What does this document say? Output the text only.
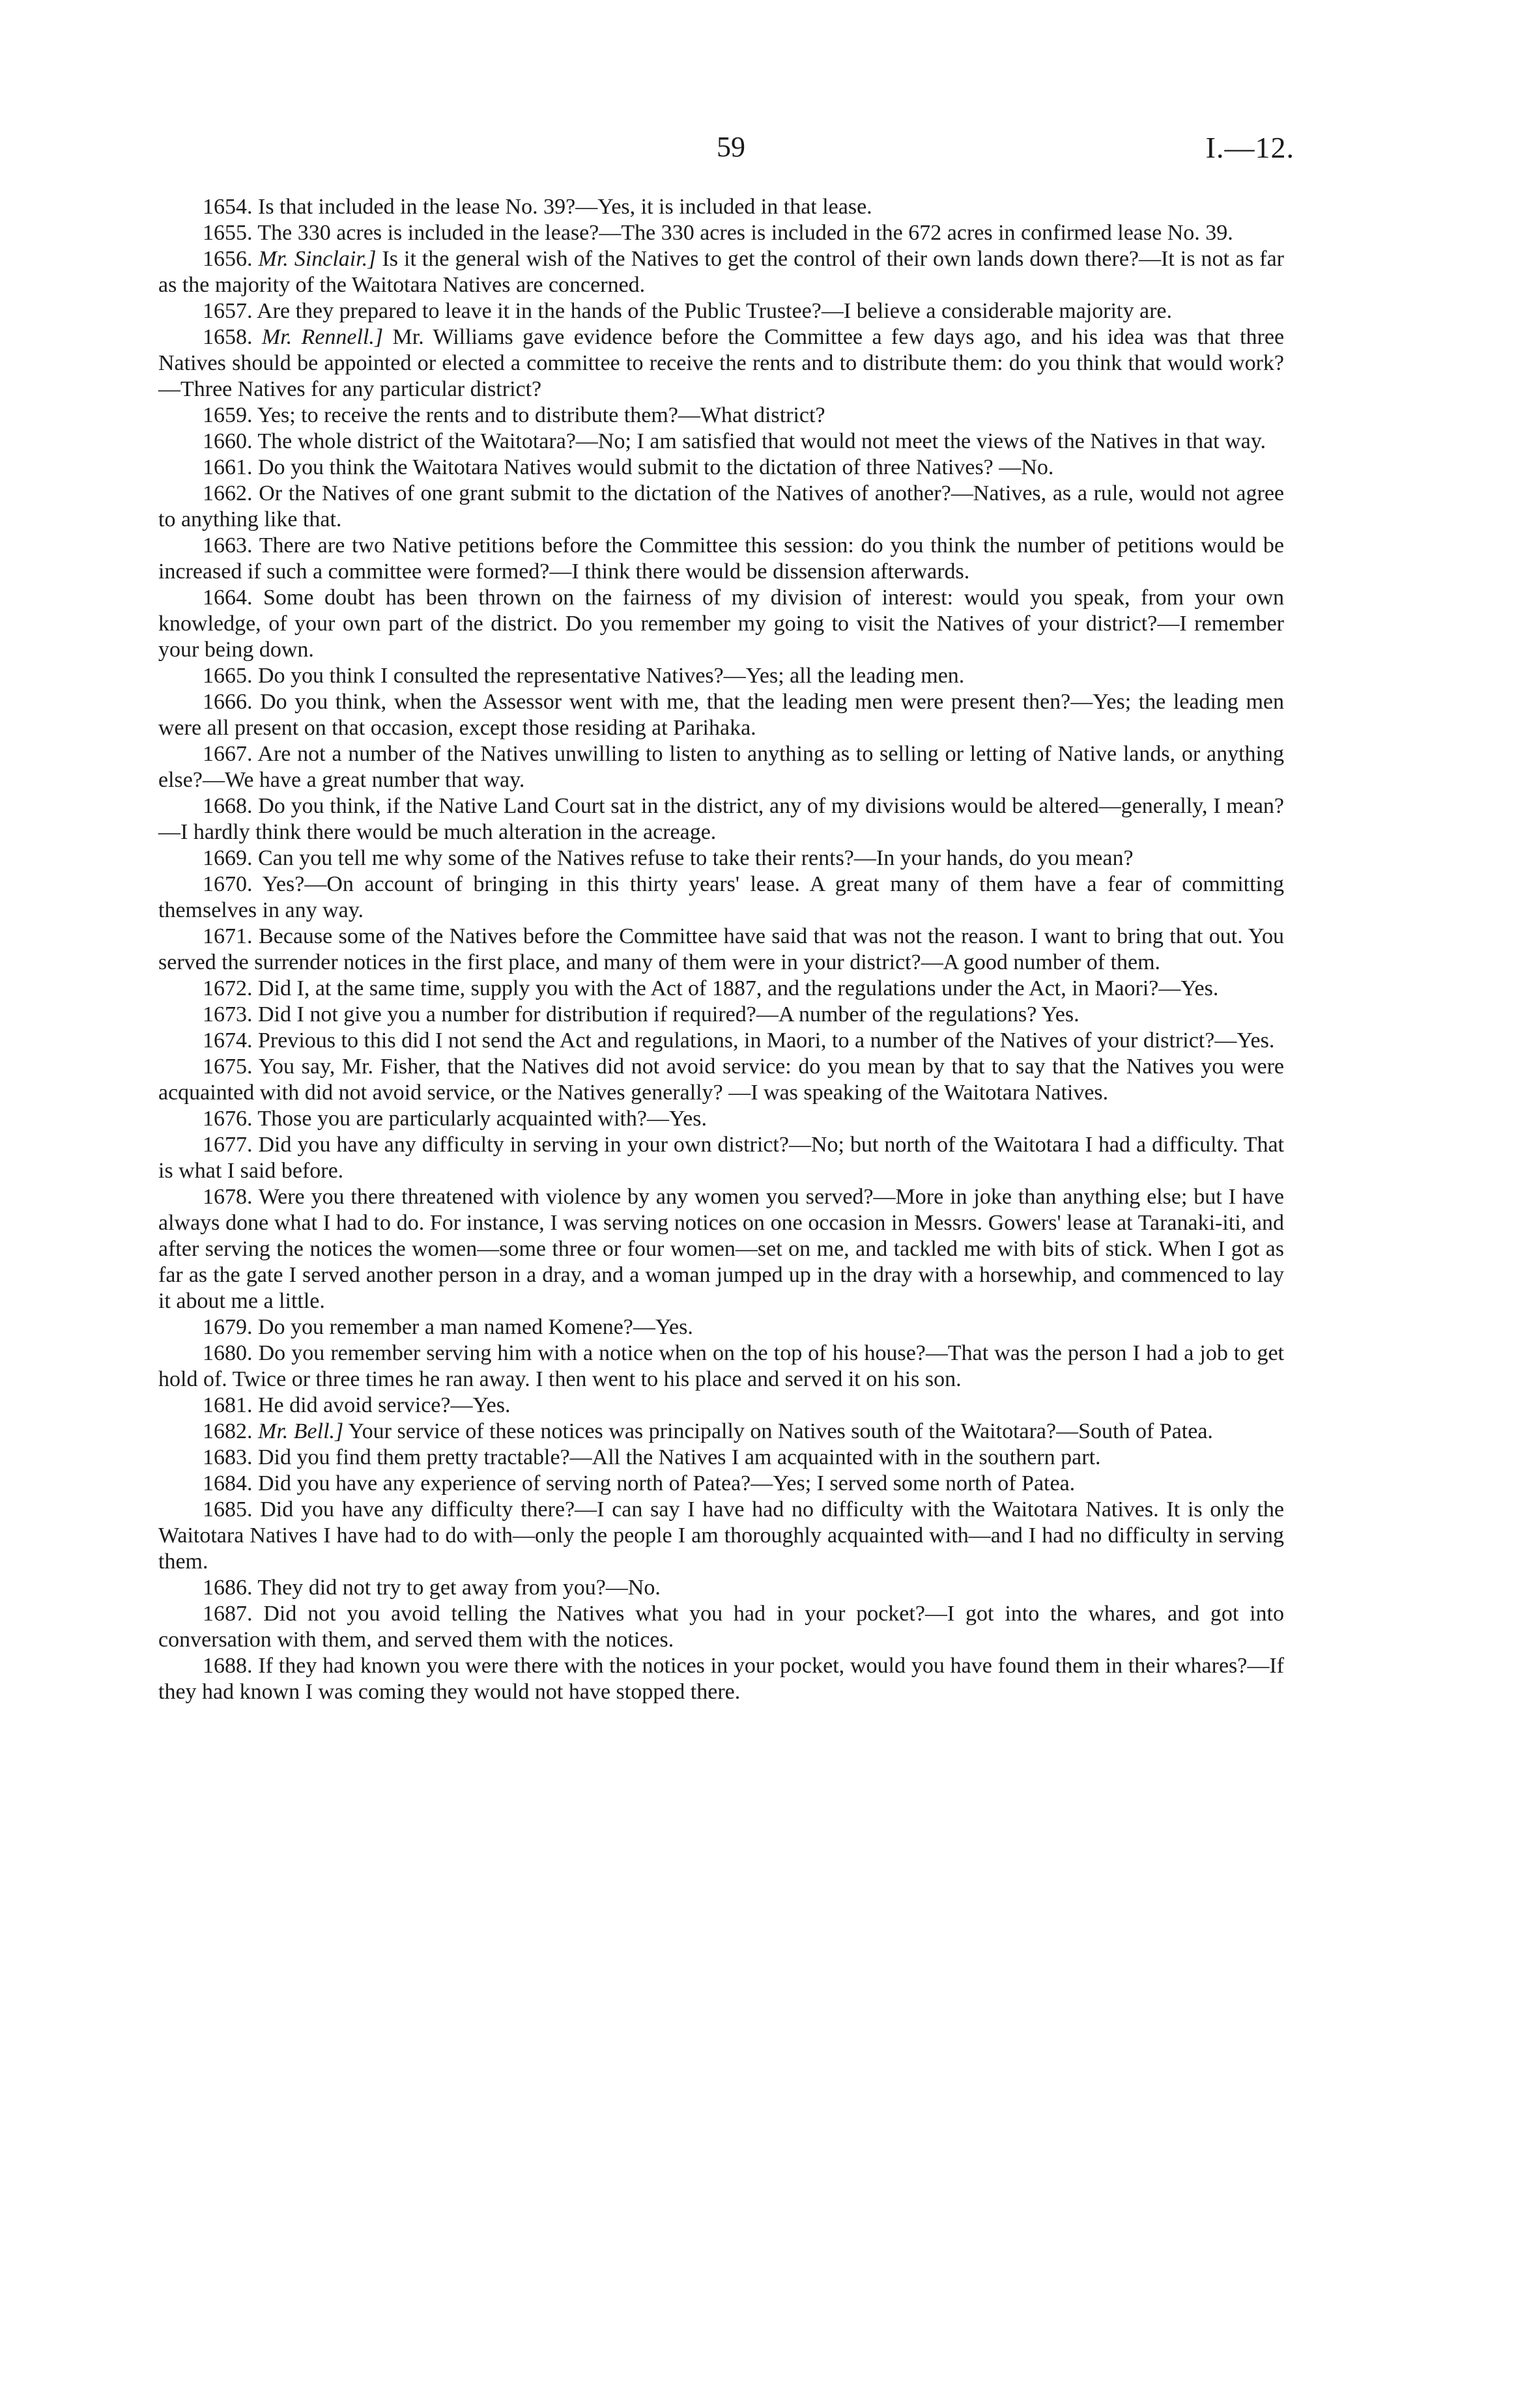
59	I.—12.

1654. Is that included in the lease No. 39?—Yes, it is included in that lease.

1655. The 330 acres is included in the lease?—The 330 acres is included in the 672 acres in confirmed lease No. 39.

1656. Mr. Sinclair.] Is it the general wish of the Natives to get the control of their own lands down there?—It is not as far as the majority of the Waitotara Natives are concerned.

1657. Are they prepared to leave it in the hands of the Public Trustee?—I believe a considerable majority are.

1658. Mr. Rennell.] Mr. Williams gave evidence before the Committee a few days ago, and his idea was that three Natives should be appointed or elected a committee to receive the rents and to distribute them: do you think that would work?—Three Natives for any particular district?

1659. Yes; to receive the rents and to distribute them?—What district?

1660. The whole district of the Waitotara?—No; I am satisfied that would not meet the views of the Natives in that way.

1661. Do you think the Waitotara Natives would submit to the dictation of three Natives? —No.

1662. Or the Natives of one grant submit to the dictation of the Natives of another?—Natives, as a rule, would not agree to anything like that.

1663. There are two Native petitions before the Committee this session: do you think the number of petitions would be increased if such a committee were formed?—I think there would be dissension afterwards.

1664. Some doubt has been thrown on the fairness of my division of interest: would you speak, from your own knowledge, of your own part of the district. Do you remember my going to visit the Natives of your district?—I remember your being down.

1665. Do you think I consulted the representative Natives?—Yes; all the leading men.

1666. Do you think, when the Assessor went with me, that the leading men were present then?—Yes; the leading men were all present on that occasion, except those residing at Parihaka.

1667. Are not a number of the Natives unwilling to listen to anything as to selling or letting of Native lands, or anything else?—We have a great number that way.

1668. Do you think, if the Native Land Court sat in the district, any of my divisions would be altered—generally, I mean?—I hardly think there would be much alteration in the acreage.

1669. Can you tell me why some of the Natives refuse to take their rents?—In your hands, do you mean?

1670. Yes?—On account of bringing in this thirty years' lease. A great many of them have a fear of committing themselves in any way.

1671. Because some of the Natives before the Committee have said that was not the reason. I want to bring that out. You served the surrender notices in the first place, and many of them were in your district?—A good number of them.

1672. Did I, at the same time, supply you with the Act of 1887, and the regulations under the Act, in Maori?—Yes.

1673. Did I not give you a number for distribution if required?—A number of the regulations? Yes.

1674. Previous to this did I not send the Act and regulations, in Maori, to a number of the Natives of your district?—Yes.

1675. You say, Mr. Fisher, that the Natives did not avoid service: do you mean by that to say that the Natives you were acquainted with did not avoid service, or the Natives generally? —I was speaking of the Waitotara Natives.

1676. Those you are particularly acquainted with?—Yes.

1677. Did you have any difficulty in serving in your own district?—No; but north of the Waitotara I had a difficulty. That is what I said before.

1678. Were you there threatened with violence by any women you served?—More in joke than anything else; but I have always done what I had to do. For instance, I was serving notices on one occasion in Messrs. Gowers' lease at Taranaki-iti, and after serving the notices the women—some three or four women—set on me, and tackled me with bits of stick. When I got as far as the gate I served another person in a dray, and a woman jumped up in the dray with a horsewhip, and commenced to lay it about me a little.

1679. Do you remember a man named Komene?—Yes.

1680. Do you remember serving him with a notice when on the top of his house?—That was the person I had a job to get hold of. Twice or three times he ran away. I then went to his place and served it on his son.

1681. He did avoid service?—Yes.

1682. Mr. Bell.] Your service of these notices was principally on Natives south of the Waitotara?—South of Patea.

1683. Did you find them pretty tractable?—All the Natives I am acquainted with in the southern part.

1684. Did you have any experience of serving north of Patea?—Yes; I served some north of Patea.

1685. Did you have any difficulty there?—I can say I have had no difficulty with the Waitotara Natives. It is only the Waitotara Natives I have had to do with—only the people I am thoroughly acquainted with—and I had no difficulty in serving them.

1686. They did not try to get away from you?—No.

1687. Did not you avoid telling the Natives what you had in your pocket?—I got into the whares, and got into conversation with them, and served them with the notices.

1688. If they had known you were there with the notices in your pocket, would you have found them in their whares?—If they had known I was coming they would not have stopped there.
